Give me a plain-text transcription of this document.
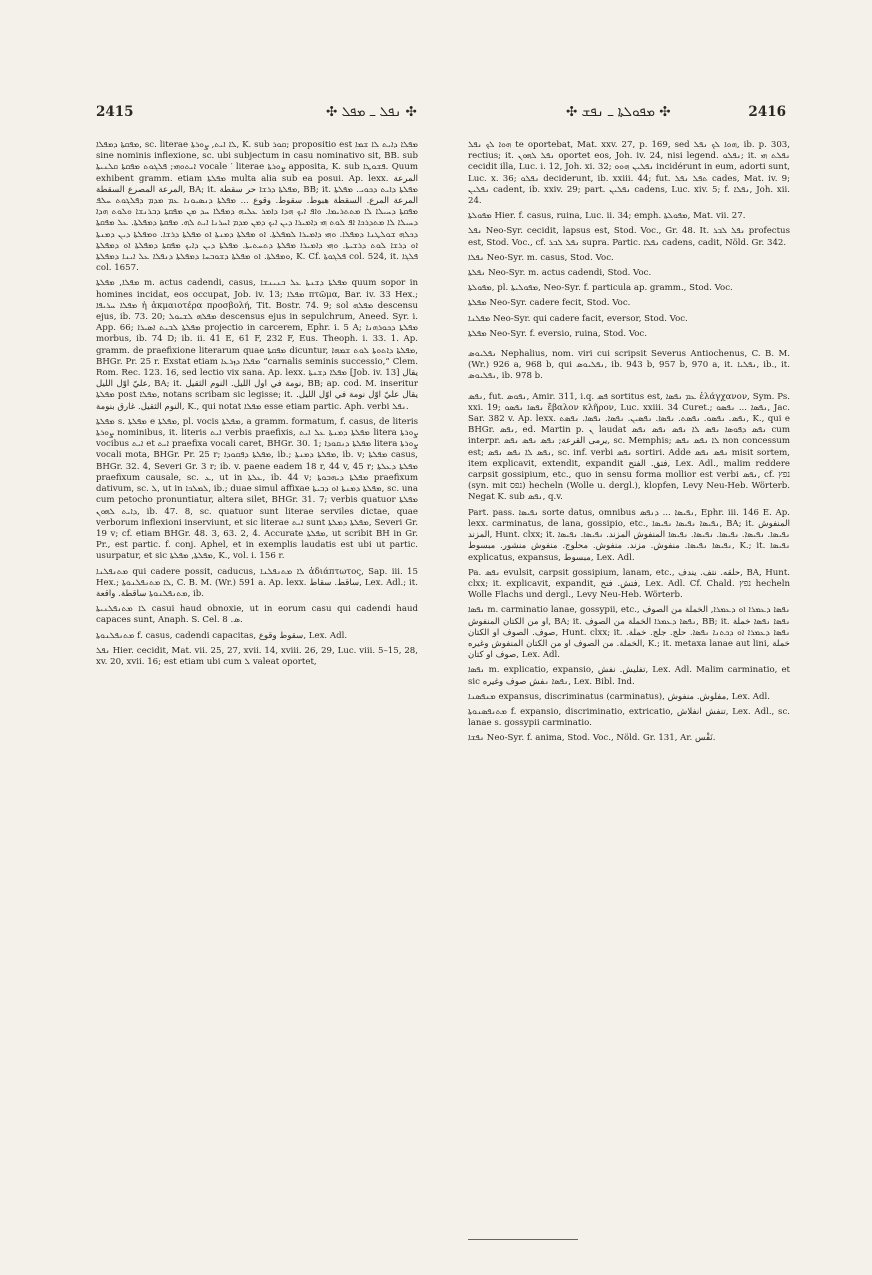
2415	✣ ܢܦܠ ـ ܡܦܠ ✣	✣ ܡܦܘܠܬܐ ـ ܢܦܫ ✣	2416

ܡܦܩܬܐ ܕܡܦܠܐ, sc. literae ܠܐ ܐܝܬ, ܨܘܪܬܐ, K. sub ܩܘܪ; propositio est ܡܦܠܐ ܕܐܝܬ ܠܐ ܫܡܐ sine nominis inflexione, sc. ubi subjectum in casu nominativo sit, BB. sub ܐܝܬܘܗܝ; ܦܠܓܘܬ ܡܦܩܬܐ ܩܠܢܝܬܐ vocale ′ literae ܨܘܪܬܐ apposita, K. sub ܦܫܘܛܐ. Quum exhibent gramm. etiam ܡܦܠܬܐ multa alia sub ea posui. Ap. lexx. المرعة المرعة المصرع السقطة, BA; it. ܡܦܠܬܐ ܕܪܫܐ حر سقطة, BB; it. ܡܦܠܬܐ ܕܐܝܬ ܕܟܘܝ. ܡܦܠܬܐ المرعة المرع. السقطة هبوط. سقوط. وقوع ... ܡܦܠܬܐ ܕܢܣܝܘܢܐ ܥܡ ܡܕܡ ܕܦܠܓܘܬ ܚܠܦ ܡܦܩܬܐ ܕܚܝܠܐ ܠܐ ܡܬܬܪܝܡܐ. ܘܐܦ ܐܝܟ ܗܕܐ ܕܐܡܪ ܥܠܝܗ ܕܡܦܠܐ ܚܕ ܡܢ ܡܦܩܬܐ ܕܒܪܢܫܐ ܘܠܘܬ ܗܕܐ ܕܚܝܠܐ ܠܐ ܡܬܕܪܟܐ ܐܦ ܠܘܬ ܗܝ ܕܐܡܝܪܐ ܕܝܢ ܐܝܟ ܕܡܢ ܡܕܡ ܐܚܪܢܐ ܐܝܬ ܠܗ. ܡܦܩܬܐ ܕܡܦܠܬܐ. ܥܠ ܡܦܩܬܐ ܕܟܠܗ ܫܘܠܛܢܐ ܕܡܦܠܐ. ܘܗܝ ܕܐܡܝܪܐ ܠܡܦܠܬܐ. ܐܘ ܡܦܠܬܐ ܕܡܢܬܐ ܐܘ ܡܦܠܬܐ ܕܪܫܐ. ܘܡܦܠܬܐ ܕܝܢ ܕܡܢܬܐ ܐܘ ܕܪܫܐ ܠܘܬ ܕܪܫܝܬܐ. ܘܗܝ ܕܐܡܝܪܐ ܡܦܠܬܐ ܕܬܚܬܝܬܐ. ܡܦܠܬܐ ܕܝܢ ܕܐܝܟ ܡܦܩܬܐ ܕܡܦܠܬܐ ܐܘ ܕܡܦܠܬܐ ܘܡܦܠܬܐ. ܐܘ ܡܦܠܬܐ ܕܫܘܒܚܐ ܕܡܦܠܬܐ ܕܢܦܠܐ ܥܠ ܐܝܢܐ ܕܡܦܠܬܐ, K. Cf. ܦܠܓܘܬܐ col. 524, it. ܦܠܓܐ col. 1657.

ܡܦܠܐ, ܡܦܠܬܐ m. actus cadendi, casus, ܡܦܠܬܐ ܕܫܢܬܐ ܥܠ ܒܢܝܢܫܐ quum sopor in homines incidat, eos occupat, Job. iv. 13; ܡܦܠܐ πτῶμα, Bar. iv. 33 Hex.; ܡܦܠܐ ܚܪܝܦܐ ἡ ἀκμαιοτέρα προσβολή, Tit. Bostr. 74. 9; sol ܡܦܠܗ descensu ejus, ib. 73. 20; ܡܦܠܗ ܠܫܝܘܠ descensus ejus in sepulchrum, Aneed. Syr. i. App. 66; ܡܦܠܬܐ ܠܒܝܬ ܐܣܝܪܐ projectio in carcerem, Ephr. i. 5 A; ܡܦܠܬܐ ܕܟܘܪܗܢܐ morbus, ib. 74 D; ib. ii. 41 E, 61 F, 232 F, Eus. Theoph. i. 33. 1. Ap. gramm. de praefixione literarum quae ܡܦܩܬܐ dicuntur, ܡܦܠܬܐ ܕܐܬܘܬܐ ܠܘܬ ܫܡܗܐ, BHGr. Pr. 25 r. Exstat etiam ܡܦܠܐ ܕܙܪܥܐ “carnalis seminis successio,” Clem. Rom. Rec. 123. 16, sed lectio vix sana. Ap. lexx. ܡܦܠܐ ܕܫܢܬܐ [Job. iv. 13] يقال عليّ اوّل الليل, BA; it. نومة في اول الليل. النوم الثقيل, BB; ap. cod. M. inseritur ܡܦܠܬܐ post ܡܦܠܐ, notans scribam sic legisse; it. يقال عليّ اوّل نومة في اوّل الليل. النوم الثقيل. غارق بنومة, K., qui notat ܡܦܠܐ esse etiam partic. Aph. verbi ܢܦܠ.

ܡܦܠܬܐ s. ܡܦܠܬܐ e ܡܦܠܬܐ, pl. vocis ܡܦܠܬܐ, a gramm. formatum, f. casus, de literis ܨܘܪܬܐ nominibus, it. literis ܐܝܬ verbis praefixis, ܡܦܠܬܐ ܕܡܢܬܐ ܥܠ ܐܝܬ litera ܨܘܪܬܐ vocibus ܐܝܬ et ܐܝܬ praefixa vocali caret, BHGr. 30. 1; ܡܦܠܬܐ ܕܢܩܘܕܐ litera ܨܘܪܬܐ vocali mota, BHGr. Pr. 25 r; ܡܦܠܬܐ ܕܦܩܘܕܐ, ib.; ܡܦܠܬܐ ܕܡܢܬܐ, ib. v; ܡܦܠܬܐ casus, BHGr. 32. 4, Severi Gr. 3 r; ib. v. paene eadem 18 r, 44 v, 45 r; ܡܦܠܬܐ ܕܥܠܬܐ praefixum causale, sc. ܥ, ut in ܥܠܬܐ, ib. 44 v; ܡܦܠܬܐ ܕܝܗܒܘܬܐ praefixum dativum, sc. ܠ, ut in ܠܡܠܟܐ, ib.; duae simul affixae ܡܦܠܬܐ ܕܡܢܬܐ ܐܘ ܕܒܝܬܐ, sc. una cum petocho pronuntiatur, altera silet, BHGr. 31. 7; verbis quatuor ܡܦܠܬܐ ܕܐܝܬ ܠܗܘܢ, ib. 47. 8, sc. quatuor sunt literae serviles dictae, quae verborum inflexioni inserviunt, et sic literae ܐܝܬ sunt ܡܦܠܬܐ ܕܡܠܬܐ, Severi Gr. 19 v; cf. etiam BHGr. 48. 3, 63. 2, 4. Accurate ܡܦܠܬܐ, ut scribit BH in Gr. Pr., est partic. f. conj. Aphel, et in exemplis laudatis est ubi ut partic. usurpatur, et sic ܡܦܠܬܐ, ܡܦܠܬܐ, K., vol. i. 156 r.

ܡܬܢܦܠܢܐ qui cadere possit, caducus, ܠܐ ܡܬܢܦܠܢܐ ἀδιάπτωτος, Sap. iii. 15 Hex.; ܠܐ ܡܬܢܦܠܢܘܬܐ, C. B. M. (Wr.) 591 a. Ap. lexx. ساقط. سقاط, Lex. Adl.; it. ܡܬܢܦܠܢܘܬܐ ساقطة. واقعة, ib.

ܠܐ ܡܬܢܦܠܢܝܬܐ casui haud obnoxie, ut in eorum casu qui cadendi haud capaces sunt, Anaph. S. Cel. ܣ. 8.

ܡܬܢܦܠܢܘܬܐ f. casus, cadendi capacitas, سقوط وقوع, Lex. Adl.

ܢܦܠ Hier. cecidit, Mat. vii. 25, 27, xvii. 14, xviii. 26, 29, Luc. viii. 5–15, 28, xv. 20, xvii. 16; est etiam ubi cum ܠ valeat oportet,

ܗܘܐ ܠܟ ܢܦܠ te oportebat, Mat. xxv. 27, p. 169, sed ܗܘܐ ܠܟ ܢܦܠ, ib. p. 303, rectius; it. ܢܦܠ ܠܗܘܢ oportet eos, Joh. iv. 24, nisi legend. ܢܦܠܘ; it. ܢܦܠܬ ܗܝ cecidit illa, Luc. i. 12, Joh. xi. 32; ܢܦܠܝܢ ܗܘܘ incidérunt in eum, adorti sunt, Luc. x. 36; ܢܦܠܘ deciderunt, ib. xxiii. 44; fut. ܬܦܠ ܢܦܠ cades, Mat. iv. 9; ܢܦܠܝܢ cadent, ib. xxiv. 29; part. ܢܦܠܝܢ cadens, Luc. xiv. 5; f. ܢܦܠܐ, Joh. xii. 24.

ܡܦܘܠܬܐ Hier. f. casus, ruina, Luc. ii. 34; emph. ܡܦܘܠܬܐ, Mat. vii. 27.

ܢܦܠ Neo-Syr. cecidit, lapsus est, Stod. Voc., Gr. 48. It. ܢܦܠ ܠܒܪ profectus est, Stod. Voc., cf. ܢܦܠ ܠܒܪ supra. Partic. ܢܦܠܐ cadens, cadit, Nöld. Gr. 342.

ܢܦܠܐ Neo-Syr. m. casus, Stod. Voc.

ܢܦܠܬܐ Neo-Syr. m. actus cadendi, Stod. Voc.

ܡܦܘܠܬܐ, pl. ܡܦܘܠܝܬܐ, Neo-Syr. f. particula ap. gramm., Stod. Voc.

ܡܦܠܬܐ Neo-Syr. cadere fecit, Stod. Voc.

ܡܦܠܢܐ Neo-Syr. qui cadere facit, eversor, Stod. Voc.

ܡܦܠܬܐ Neo-Syr. f. eversio, ruina, Stod. Voc.

ܢܦܠܝܘܣ Nephalius, nom. viri cui scripsit Severus Antiochenus, C. B. M. (Wr.) 926 a, 968 b, qui ܢܦܠܝܘܣ, ib. 943 b, 957 b, 970 a, it. ܢܦܠܝܐ, ib., it. ܢܦܠܝܘܣ, ib. 978 b.

ܢܦܣ, fut. ܢܦܘܣ, Amir. 311, i.q. ܦܣ sortitus est, ܥܡ ܢܦܣܐ ἐλάγχανον, Sym. Ps. xxi. 19; ܢܦܣܐ ܢܦܣܘ ἔβαλον κλῆρον, Luc. xxiii. 34 Curet.; ܢܦܣܐ ... ܢܦܣܘ, Jac. Sar. 382 v. Ap. lexx. ܢܦܣ. ܢܦܣܘ. ܢܦܣܬ. ܢܦܣܐ. ܢܦܣܝܢ. ܢܦܣܐ. ܢܦܣܐ. ܢܦܣܬ, K., qui e BHGr. ܢܦܣ, ed. Martin p. ܢ laudat ܢܦܣ ܕܦܘܣܐ ܢܦܣ ܠܐ ܢܦܣ ܢܦܣ ܢܦܣ cum interpr. يرمى القرعة; ܢܦܣ ܢܦܣ ܢܦܣ, sc. Memphis; ܠܐ ܢܦܣ ܢܦܣ non concessum est; ܢܦܣ ܠܐ ܢܦܣ ܢܦܣ, sc. inf. verbi ܢܦܣ sortiri. Adde ܢܦܣ ܢܦܣ misit sortem, item explicavit, extendit, expandit فتق. الفتح, Lex. Adl., malim reddere carpsit gossipium, etc., quo in sensu forma mollior est verbi ܢܦܣ, cf. נפץ (syn. mit נפס) hecheln (Wolle u. dergl.), klopfen, Levy Neu-Heb. Wörterb. Negat K. sub ܢܦܣ, q.v.

Part. pass. ܢܦܝܣܐ sorte datus, omnibus ܢܦܝܣܐ ... ܕܢܦܣ, Ephr. iii. 146 E. Ap. lexx. carminatus, de lana, gossipio, etc., ܢܦܝܣܐ ܢܦܝܣܐ ܢܦܝܣܐ, BA; it. المنفوش المزند, Hunt. clxx; it. ܢܦܝܣܐ. ܢܦܝܣܐ. ܢܦܝܣܐ. ܢܦܝܣܐ. ܢܦܝܣܐ المنفوش المزند. ܢܦܝܣܐ. ܢܦܝܣܐ ܢܦܝܣܐ ܢܦܝܣܐ. منفوش. مزند. منفوش. محلوج. منفوش منشور. مبسوط, K.; it. ܢܦܝܣܐ explicatus, expansus, مبسوط, Lex. Adl.

Pa. ܢܦܣ evulsit, carpsit gossipium, lanam, etc., حلقه. نتف. يندف, BA, Hunt. clxx; it. explicavit, expandit, فتش. فتح, Lex. Adl. Cf. Chald. נפץ hecheln Wolle Flachs und dergl., Levy Neu-Heb. Wörterb.

ܢܦܣܐ m. carminatio lanae, gossypii, etc., ܢܦܣܐ ܕܥܡܪܐ ܐܘ ܕܥܡܪܐ, الخملة من الصوف او من الكتان المنفوش, BA; it. ܢܦܣܐ ܕܥܡܪܐ الخملة من الصوف, BB; it. ܢܦܣܐ ܢܦܣܐ خملة صوف. الصوف او الكتان, Hunt. clxx; it. ܢܦܣܐ ܕܥܡܪܐ ܐܘ ܕܟܬܢܐ ܢܦܣܐ. حلج. جلج. خملة. الخملة. من الصوف او من الكتان المنفوش وغيره, K.; it. metaxa lanae aut lini, خملة صوف او كتان, Lex. Adl.

ܢܦܣܐ m. explicatio, expansio, تفليش. نفش, Lex. Adl. Malim carminatio, et sic ܢܦܣܐ ܢفش صوف وغيره, Lex. Bibl. Ind.

ܡܢܦܣܢܐ expansus, discriminatus (carminatus), مفلوش. منفوش, Lex. Adl.

ܡܬܢܦܣܢܘܬܐ f. expansio, discriminatio, extricatio, تنفش انفلاش, Lex. Adl., sc. lanae s. gossypii carminatio.

ܢܦܫܐ Neo-Syr. f. anima, Stod. Voc., Nöld. Gr. 131, Ar. نَفْس.
